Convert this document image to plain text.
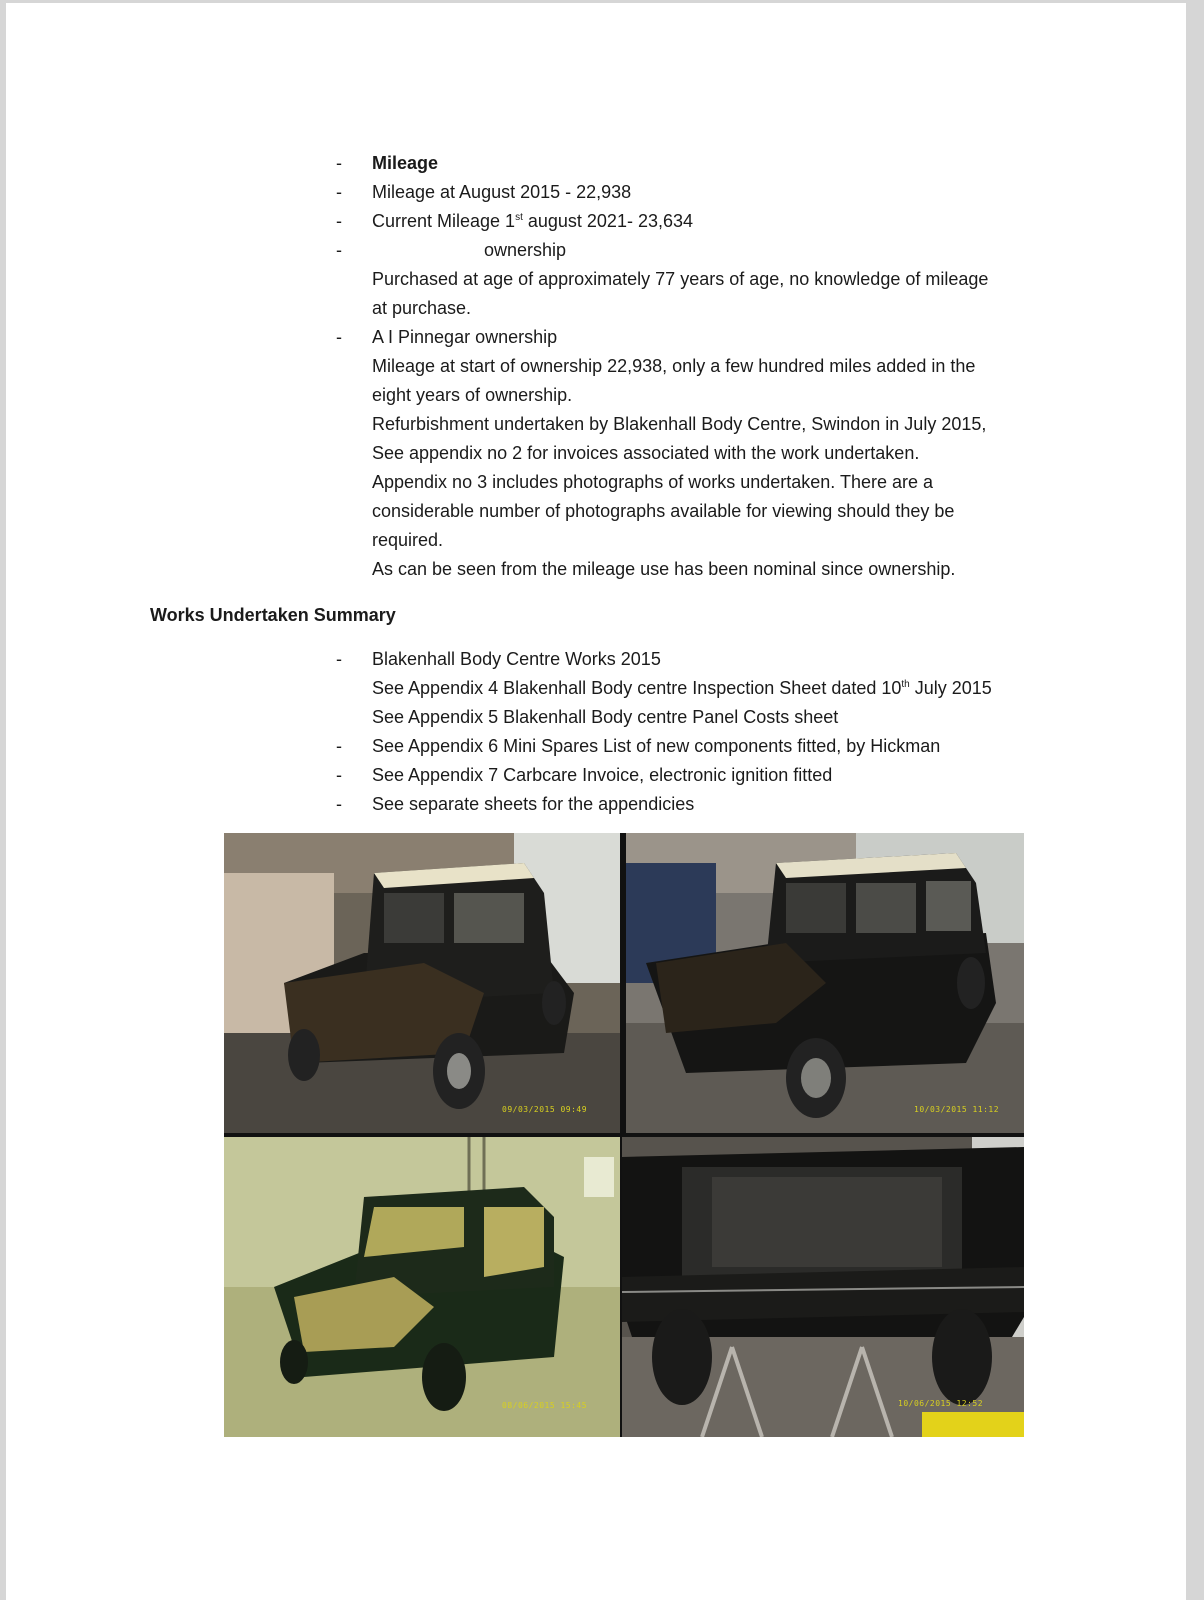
-	Mileage
-	Mileage at August 2015 - 22,938
-	Current Mileage 1st august 2021- 23,634
-	ownership
Purchased at age of approximately 77 years of age, no knowledge of mileage
at purchase.
-	A I Pinnegar ownership
Mileage at start of ownership 22,938, only a few hundred miles added in the
eight years of ownership.
Refurbishment undertaken by Blakenhall Body Centre, Swindon in July 2015,
See appendix no 2 for invoices associated with the work undertaken.
Appendix no 3 includes photographs of works undertaken. There are a
considerable number of photographs available for viewing should they be
required.
As can be seen from the mileage use has been nominal since ownership.
Works Undertaken Summary
-	Blakenhall Body Centre Works 2015
See Appendix 4 Blakenhall Body centre Inspection Sheet dated 10th July 2015
See Appendix 5 Blakenhall Body centre Panel Costs sheet
-	See Appendix 6 Mini Spares List of new components fitted, by Hickman
-	See Appendix 7 Carbcare Invoice, electronic ignition fitted
-	See separate sheets for the appendicies
09/03/2015 09:49	10/03/2015 11:12
08/06/2015 15:45	10/06/2015 12:52
